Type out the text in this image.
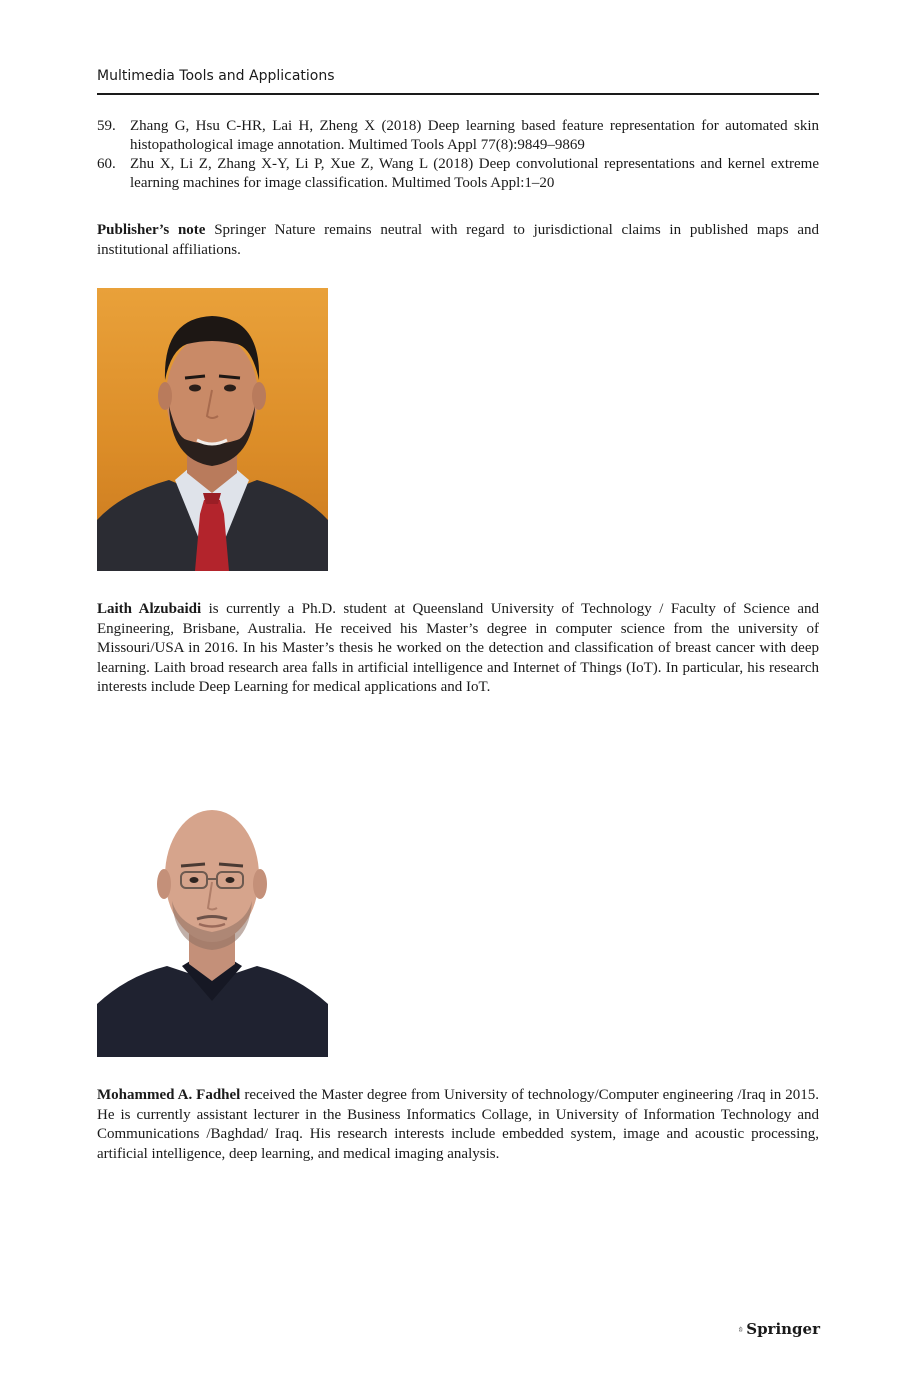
Multimedia Tools and Applications
59. Zhang G, Hsu C-HR, Lai H, Zheng X (2018) Deep learning based feature representation for automated skin histopathological image annotation. Multimed Tools Appl 77(8):9849–9869
60. Zhu X, Li Z, Zhang X-Y, Li P, Xue Z, Wang L (2018) Deep convolutional representations and kernel extreme learning machines for image classification. Multimed Tools Appl:1–20
Publisher’s note Springer Nature remains neutral with regard to jurisdictional claims in published maps and institutional affiliations.
Laith Alzubaidi is currently a Ph.D. student at Queensland University of Technology / Faculty of Science and Engineering, Brisbane, Australia. He received his Master’s degree in computer science from the university of Missouri/USA in 2016. In his Master’s thesis he worked on the detection and classification of breast cancer with deep learning. Laith broad research area falls in artificial intelligence and Internet of Things (IoT). In particular, his research interests include Deep Learning for medical applications and IoT.
Mohammed A. Fadhel received the Master degree from University of technology/Computer engineering /Iraq in 2015. He is currently assistant lecturer in the Business Informatics Collage, in University of Information Technology and Communications /Baghdad/ Iraq. His research interests include embedded system, image and acoustic processing, artificial intelligence, deep learning, and medical imaging analysis.
Springer
